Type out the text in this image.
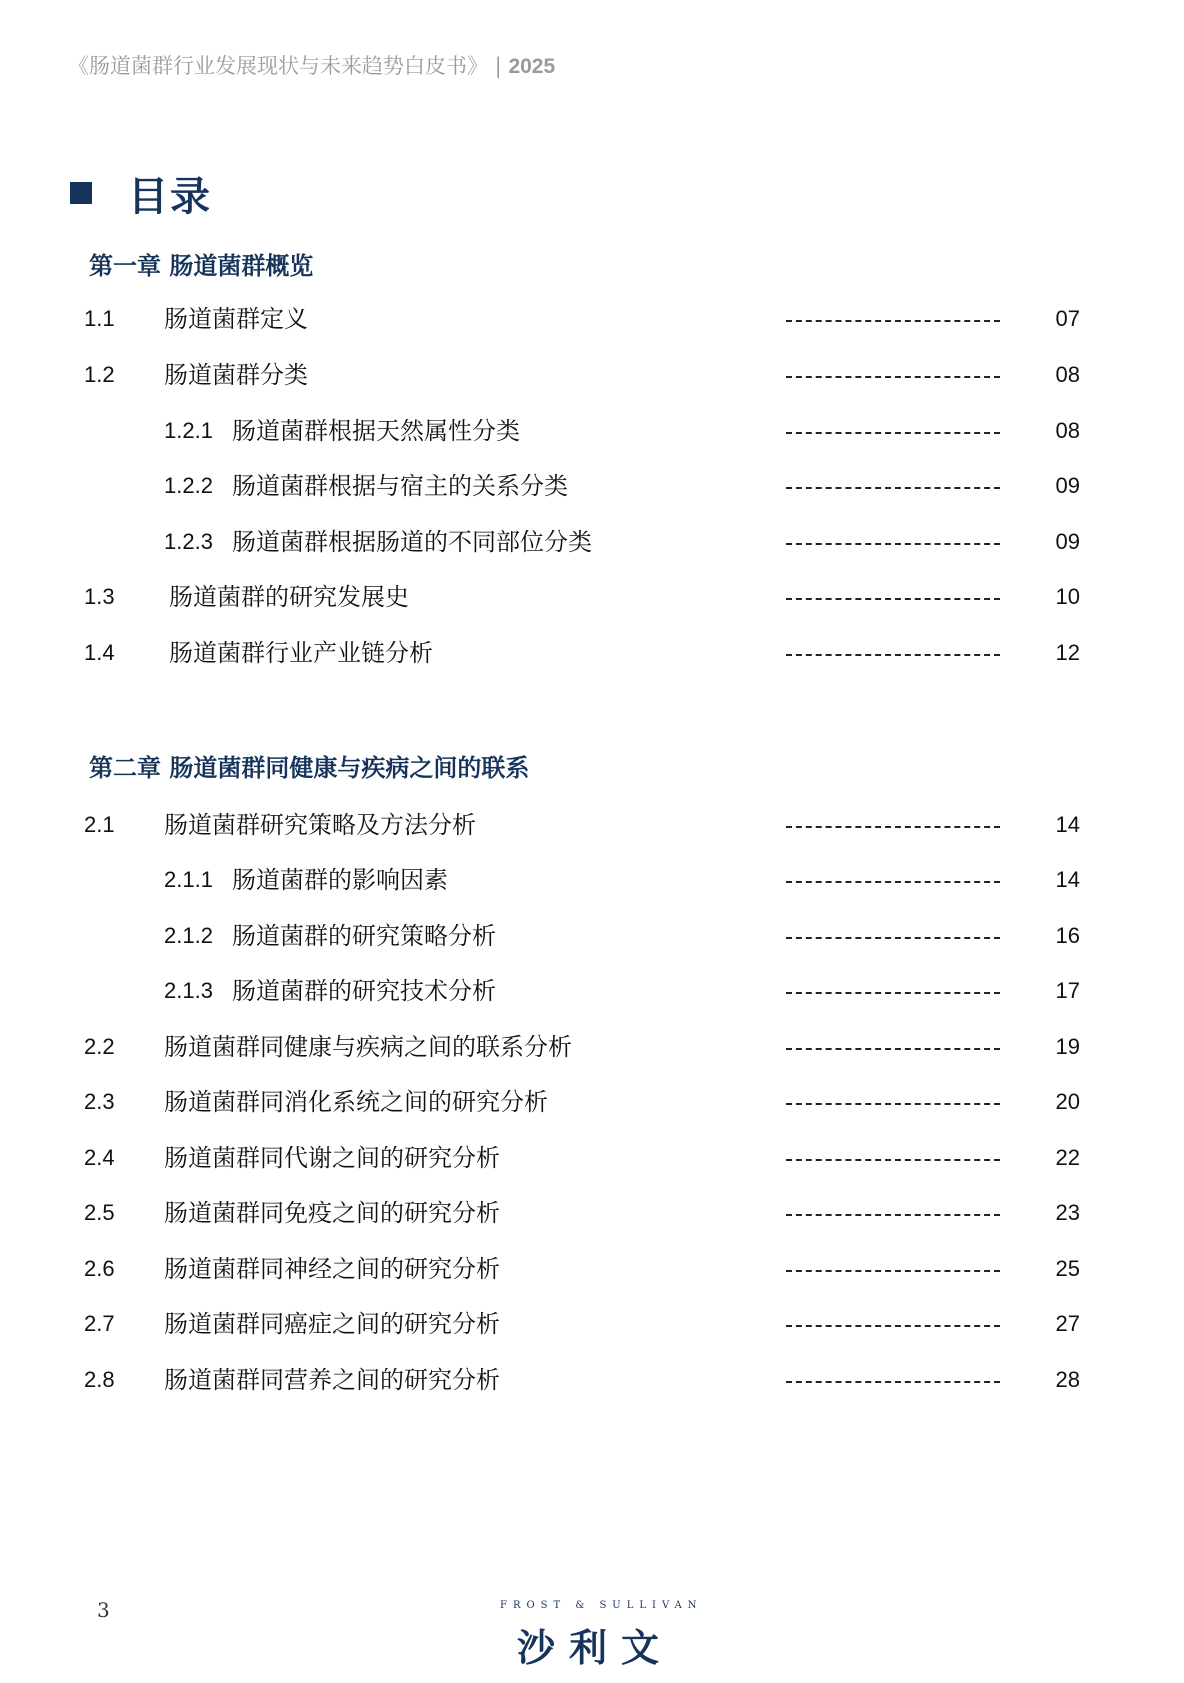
《肠道菌群行业发展现状与未来趋势白皮书》 | 2025
目录
第一章 肠道菌群概览
1.1 肠道菌群定义	07
1.2 肠道菌群分类	08
1.2.1 肠道菌群根据天然属性分类	08
1.2.2 肠道菌群根据与宿主的关系分类	09
1.2.3 肠道菌群根据肠道的不同部位分类	09
1.3 肠道菌群的研究发展史	10
1.4 肠道菌群行业产业链分析	12
第二章 肠道菌群同健康与疾病之间的联系
2.1 肠道菌群研究策略及方法分析	14
2.1.1 肠道菌群的影响因素	14
2.1.2 肠道菌群的研究策略分析	16
2.1.3 肠道菌群的研究技术分析	17
2.2 肠道菌群同健康与疾病之间的联系分析	19
2.3 肠道菌群同消化系统之间的研究分析	20
2.4 肠道菌群同代谢之间的研究分析	22
2.5 肠道菌群同免疫之间的研究分析	23
2.6 肠道菌群同神经之间的研究分析	25
2.7 肠道菌群同癌症之间的研究分析	27
2.8 肠道菌群同营养之间的研究分析	28
3	FROST & SULLIVAN
沙利文
